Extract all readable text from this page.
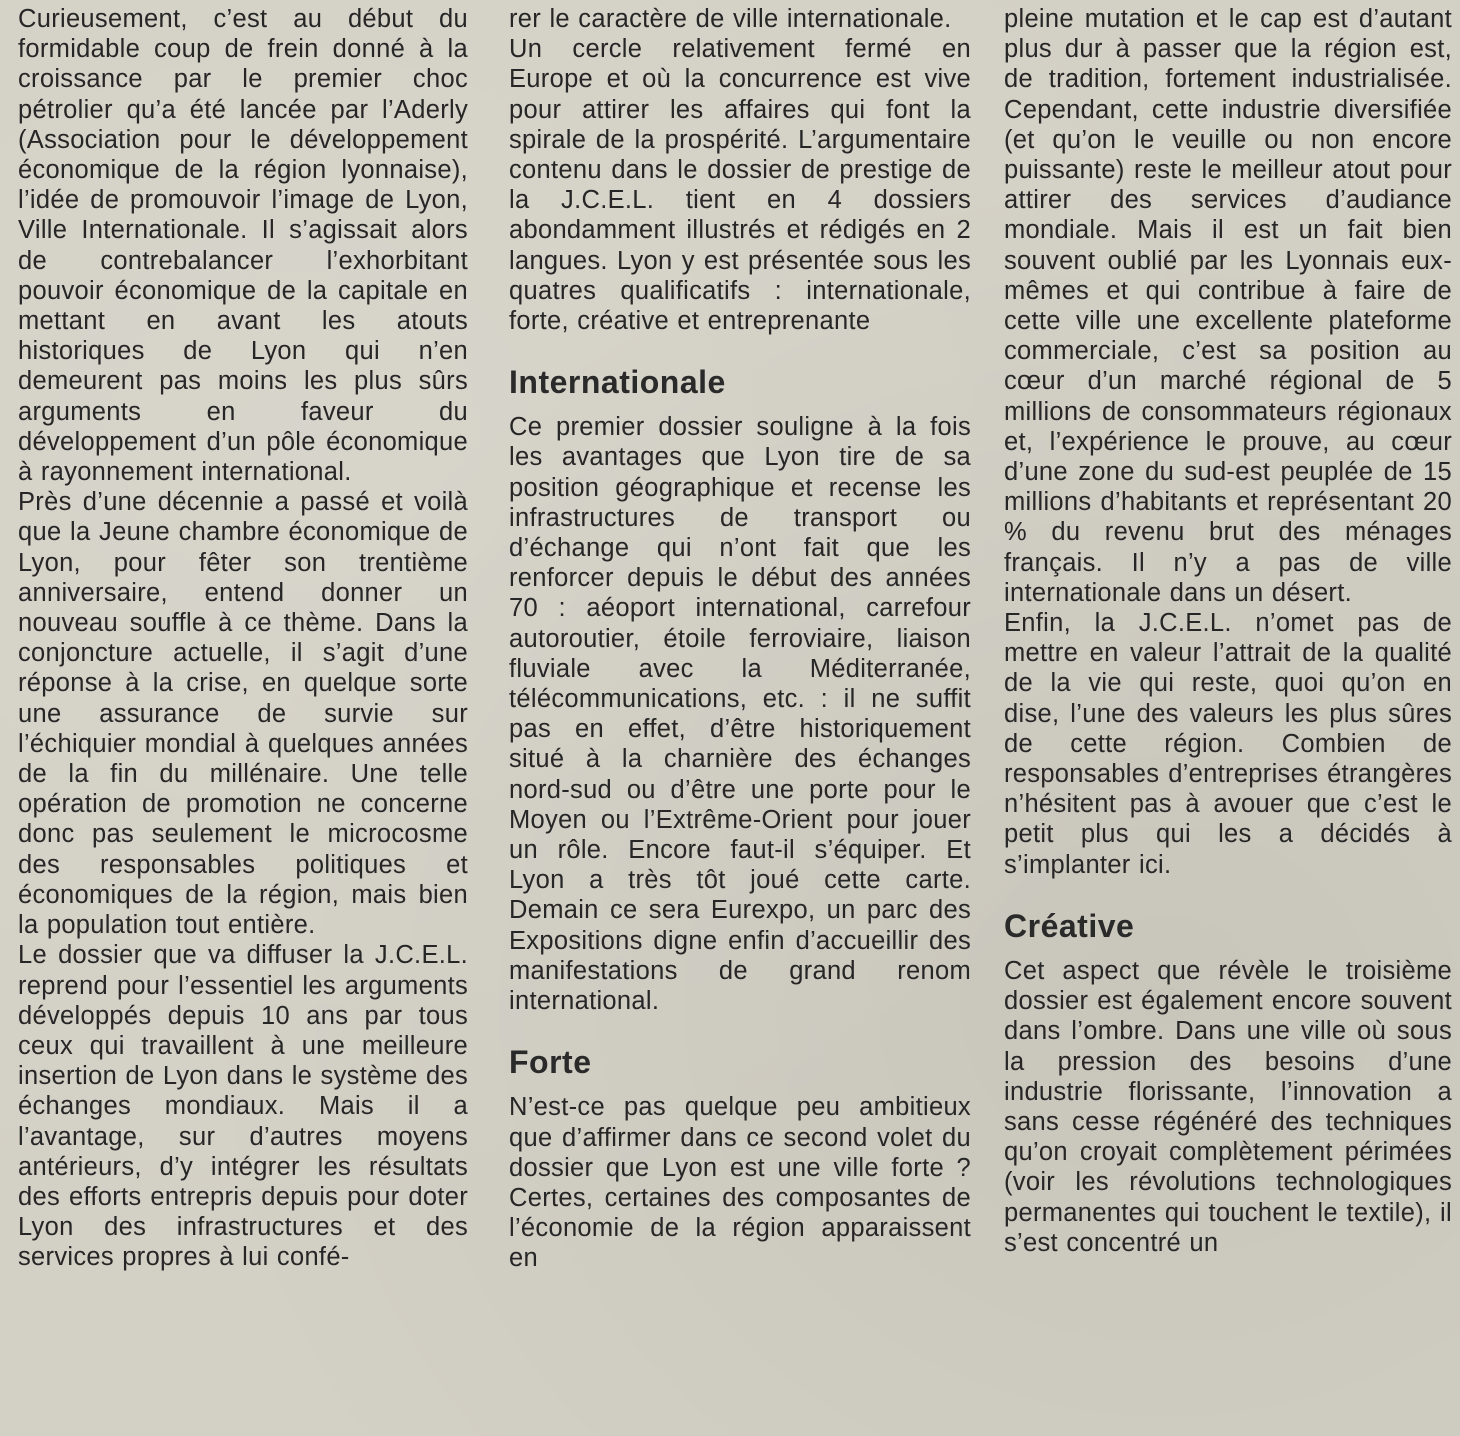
Curieusement, c’est au début du formidable coup de frein donné à la croissance par le premier choc pétrolier qu’a été lancée par l’Aderly (Association pour le développement économique de la région lyonnaise), l’idée de promouvoir l’image de Lyon, Ville Internationale. Il s’agissait alors de contrebalancer l’exhorbitant pouvoir économique de la capitale en mettant en avant les atouts historiques de Lyon qui n’en demeurent pas moins les plus sûrs arguments en faveur du développement d’un pôle économique à rayonnement international.

Près d’une décennie a passé et voilà que la Jeune chambre économique de Lyon, pour fêter son trentième anniversaire, entend donner un nouveau souffle à ce thème. Dans la conjoncture actuelle, il s’agit d’une réponse à la crise, en quelque sorte une assurance de survie sur l’échiquier mondial à quelques années de la fin du millénaire. Une telle opération de promotion ne concerne donc pas seulement le microcosme des responsables politiques et économiques de la région, mais bien la population tout entière.

Le dossier que va diffuser la J.C.E.L. reprend pour l’essentiel les arguments développés depuis 10 ans par tous ceux qui travaillent à une meilleure insertion de Lyon dans le système des échanges mondiaux. Mais il a l’avantage, sur d’autres moyens antérieurs, d’y intégrer les résultats des efforts entrepris depuis pour doter Lyon des infrastructures et des services propres à lui confé-

rer le caractère de ville internationale.

Un cercle relativement fermé en Europe et où la concurrence est vive pour attirer les affaires qui font la spirale de la prospérité. L’argumentaire contenu dans le dossier de prestige de la J.C.E.L. tient en 4 dossiers abondamment illustrés et rédigés en 2 langues. Lyon y est présentée sous les quatres qualificatifs : internationale, forte, créative et entreprenante

Internationale

Ce premier dossier souligne à la fois les avantages que Lyon tire de sa position géographique et recense les infrastructures de transport ou d’échange qui n’ont fait que les renforcer depuis le début des années 70 : aéoport international, carrefour autoroutier, étoile ferroviaire, liaison fluviale avec la Méditerranée, télécommunications, etc. : il ne suffit pas en effet, d’être historiquement situé à la charnière des échanges nord-sud ou d’être une porte pour le Moyen ou l’Extrême-Orient pour jouer un rôle. Encore faut-il s’équiper. Et Lyon a très tôt joué cette carte. Demain ce sera Eurexpo, un parc des Expositions digne enfin d’accueillir des manifestations de grand renom international.

Forte

N’est-ce pas quelque peu ambitieux que d’affirmer dans ce second volet du dossier que Lyon est une ville forte ? Certes, certaines des composantes de l’économie de la région apparaissent en

pleine mutation et le cap est d’autant plus dur à passer que la région est, de tradition, fortement industrialisée. Cependant, cette industrie diversifiée (et qu’on le veuille ou non encore puissante) reste le meilleur atout pour attirer des services d’audiance mondiale. Mais il est un fait bien souvent oublié par les Lyonnais eux-mêmes et qui contribue à faire de cette ville une excellente plateforme commerciale, c’est sa position au cœur d’un marché régional de 5 millions de consommateurs régionaux et, l’expérience le prouve, au cœur d’une zone du sud-est peuplée de 15 millions d’habitants et représentant 20 % du revenu brut des ménages français. Il n’y a pas de ville internationale dans un désert.

Enfin, la J.C.E.L. n’omet pas de mettre en valeur l’attrait de la qualité de la vie qui reste, quoi qu’on en dise, l’une des valeurs les plus sûres de cette région. Combien de responsables d’entreprises étrangères n’hésitent pas à avouer que c’est le petit plus qui les a décidés à s’implanter ici.

Créative

Cet aspect que révèle le troisième dossier est également encore souvent dans l’ombre. Dans une ville où sous la pression des besoins d’une industrie florissante, l’innovation a sans cesse régénéré des techniques qu’on croyait complètement périmées (voir les révolutions technologiques permanentes qui touchent le textile), il s’est concentré un
